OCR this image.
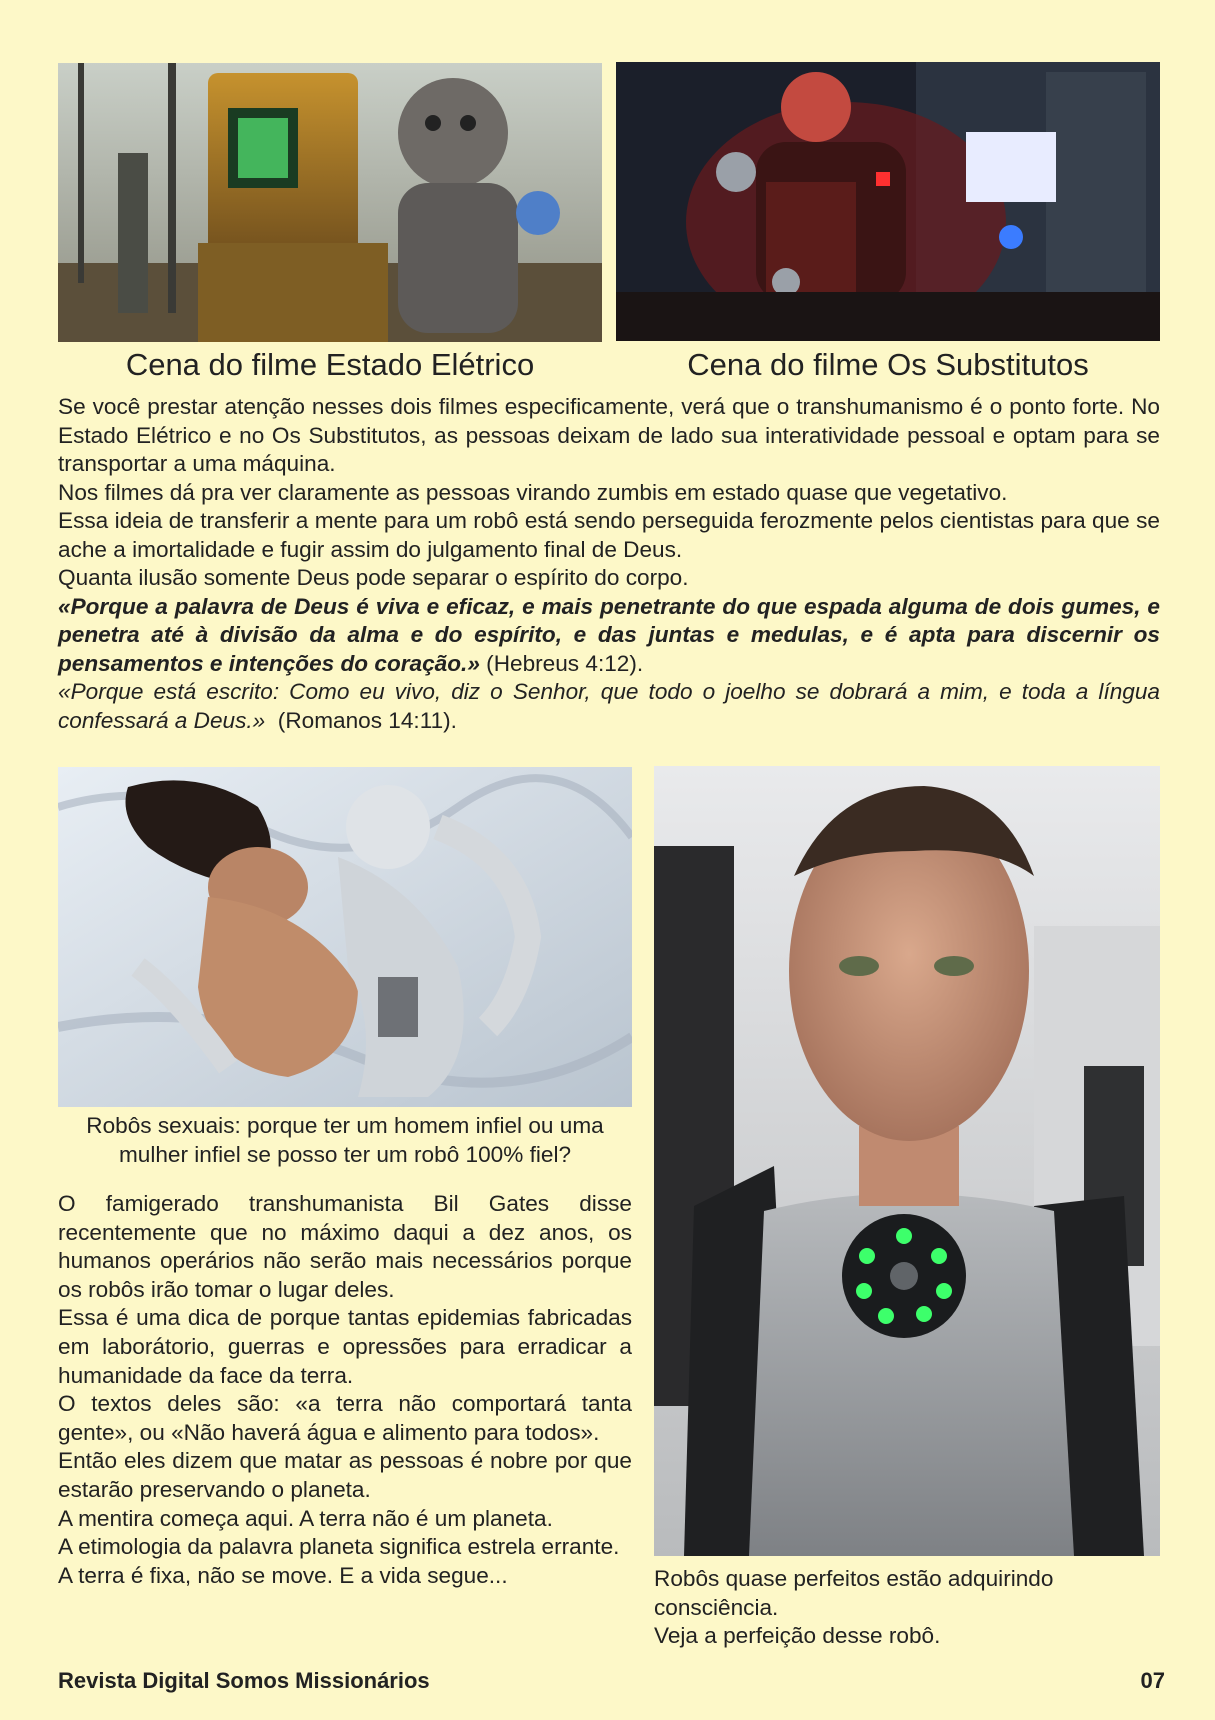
Cena do filme Estado Elétrico	Cena do filme Os Substitutos

Se você prestar atenção nesses dois filmes especificamente, verá que o transhumanismo é o ponto forte. No Estado Elétrico e no Os Substitutos, as pessoas deixam de lado sua interatividade pessoal e optam para se transportar a uma máquina.

Nos filmes dá pra ver claramente as pessoas virando zumbis em estado quase que vegetativo.

Essa ideia de transferir a mente para um robô está sendo perseguida ferozmente pelos cientistas para que se ache a imortalidade e fugir assim do julgamento final de Deus.

Quanta ilusão somente Deus pode separar o espírito do corpo.

«Porque a palavra de Deus é viva e eficaz, e mais penetrante do que espada alguma de dois gumes, e penetra até à divisão da alma e do espírito, e das juntas e medulas, e é apta para discernir os pensamentos e intenções do coração.» (Hebreus 4:12).

«Porque está escrito: Como eu vivo, diz o Senhor, que todo o joelho se dobrará a mim, e toda a língua confessará a Deus.» (Romanos 14:11).

Robôs sexuais: porque ter um homem infiel ou uma mulher infiel se posso ter um robô 100% fiel?

O famigerado transhumanista Bil Gates disse recentemente que no máximo daqui a dez anos, os humanos operários não serão mais necessários porque os robôs irão tomar o lugar deles.

Essa é uma dica de porque tantas epidemias fabricadas em laborátorio, guerras e opressões para erradicar a humanidade da face da terra.

O textos deles são: «a terra não comportará tanta gente», ou «Não haverá água e alimento para todos».

Então eles dizem que matar as pessoas é nobre por que estarão preservando o planeta.

A mentira começa aqui. A terra não é um planeta.

A etimologia da palavra planeta significa estrela errante.

A terra é fixa, não se move. E a vida segue...	Robôs quase perfeitos estão adquirindo consciência.

Veja a perfeição desse robô.

Revista Digital Somos Missionários	07
